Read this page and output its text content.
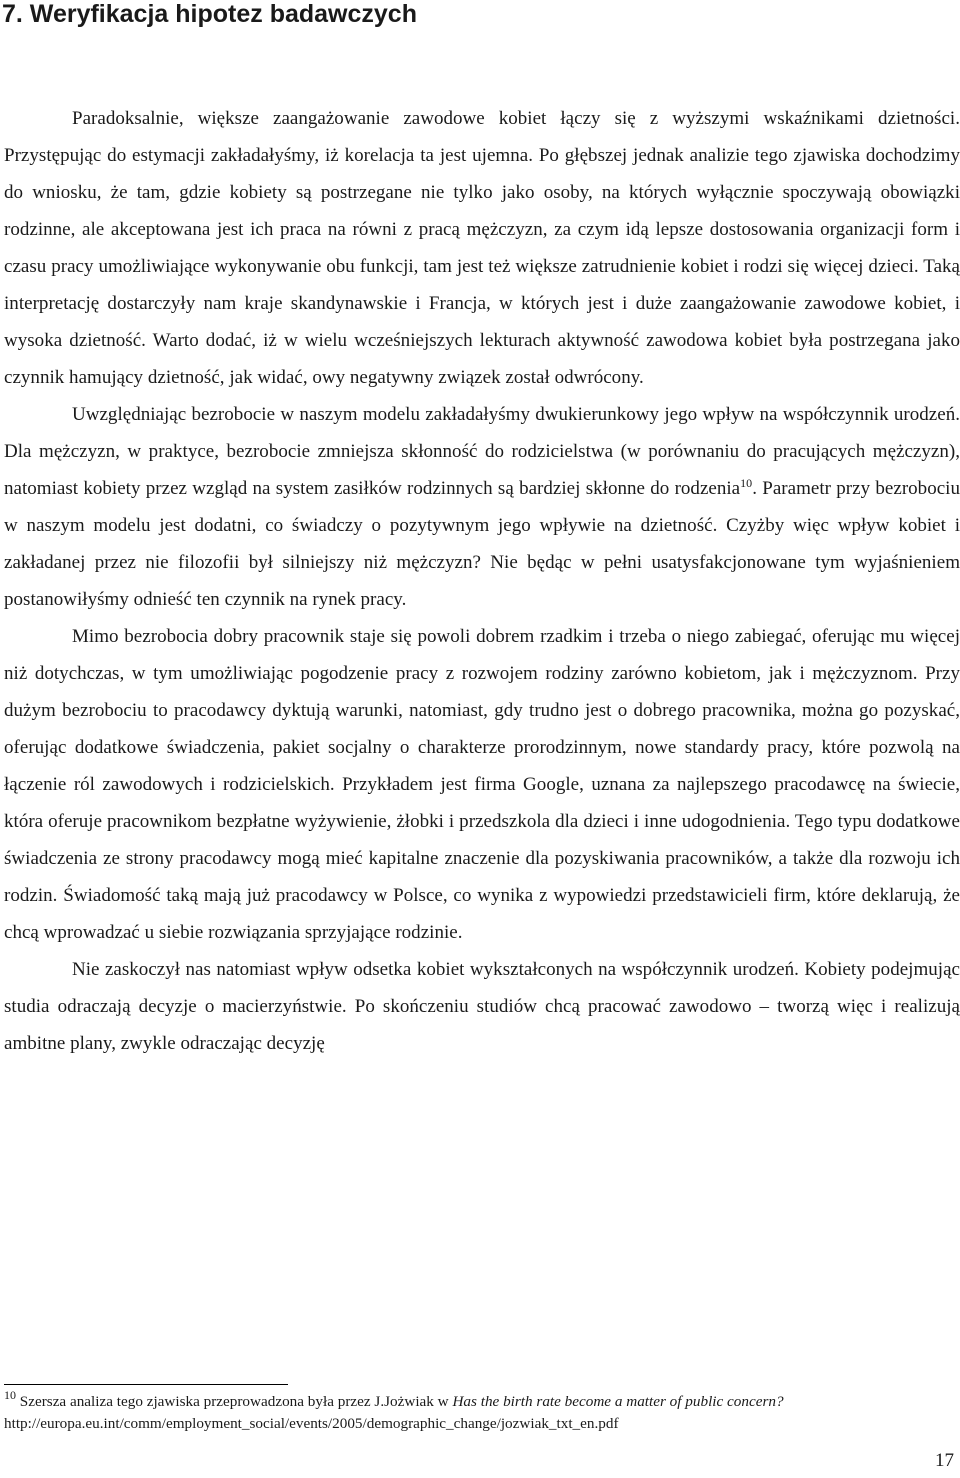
7. Weryfikacja hipotez badawczych

Paradoksalnie, większe zaangażowanie zawodowe kobiet łączy się z wyższymi wskaźnikami dzietności. Przystępując do estymacji zakładałyśmy, iż korelacja ta jest ujemna. Po głębszej jednak analizie tego zjawiska dochodzimy do wniosku, że tam, gdzie kobiety są postrzegane nie tylko jako osoby, na których wyłącznie spoczywają obowiązki rodzinne, ale akceptowana jest ich praca na równi z pracą mężczyzn, za czym idą lepsze dostosowania organizacji form i czasu pracy umożliwiające wykonywanie obu funkcji, tam jest też większe zatrudnienie kobiet i rodzi się więcej dzieci. Taką interpretację dostarczyły nam kraje skandynawskie i Francja, w których jest i duże zaangażowanie zawodowe kobiet, i wysoka dzietność. Warto dodać, iż w wielu wcześniejszych lekturach aktywność zawodowa kobiet była postrzegana jako czynnik hamujący dzietność, jak widać, owy negatywny związek został odwrócony.

Uwzględniając bezrobocie w naszym modelu zakładałyśmy dwukierunkowy jego wpływ na współczynnik urodzeń. Dla mężczyzn, w praktyce, bezrobocie zmniejsza skłonność do rodzicielstwa (w porównaniu do pracujących mężczyzn), natomiast kobiety przez wzgląd na system zasiłków rodzinnych są bardziej skłonne do rodzenia$^{10}$. Parametr przy bezrobociu w naszym modelu jest dodatni, co świadczy o pozytywnym jego wpływie na dzietność. Czyżby więc wpływ kobiet i zakładanej przez nie filozofii był silniejszy niż mężczyzn? Nie będąc w pełni usatysfakcjonowane tym wyjaśnieniem postanowiłyśmy odnieść ten czynnik na rynek pracy.

Mimo bezrobocia dobry pracownik staje się powoli dobrem rzadkim i trzeba o niego zabiegać, oferując mu więcej niż dotychczas, w tym umożliwiając pogodzenie pracy z rozwojem rodziny zarówno kobietom, jak i mężczyznom. Przy dużym bezrobociu to pracodawcy dyktują warunki, natomiast, gdy trudno jest o dobrego pracownika, można go pozyskać, oferując dodatkowe świadczenia, pakiet socjalny o charakterze prorodzinnym, nowe standardy pracy, które pozwolą na łączenie ról zawodowych i rodzicielskich. Przykładem jest firma Google, uznana za najlepszego pracodawcę na świecie, która oferuje pracownikom bezpłatne wyżywienie, żłobki i przedszkola dla dzieci i inne udogodnienia. Tego typu dodatkowe świadczenia ze strony pracodawcy mogą mieć kapitalne znaczenie dla pozyskiwania pracowników, a także dla rozwoju ich rodzin. Świadomość taką mają już pracodawcy w Polsce, co wynika z wypowiedzi przedstawicieli firm, które deklarują, że chcą wprowadzać u siebie rozwiązania sprzyjające rodzinie.

Nie zaskoczył nas natomiast wpływ odsetka kobiet wykształconych na współczynnik urodzeń. Kobiety podejmując studia odraczają decyzje o macierzyństwie. Po skończeniu studiów chcą pracować zawodowo – tworzą więc i realizują ambitne plany, zwykle odraczając decyzję

$^{10}$ Szersza analiza tego zjawiska przeprowadzona była przez J.Jożwiak w Has the birth rate become a matter of public concern? http://europa.eu.int/comm/employment_social/events/2005/demographic_change/jozwiak_txt_en.pdf
17
